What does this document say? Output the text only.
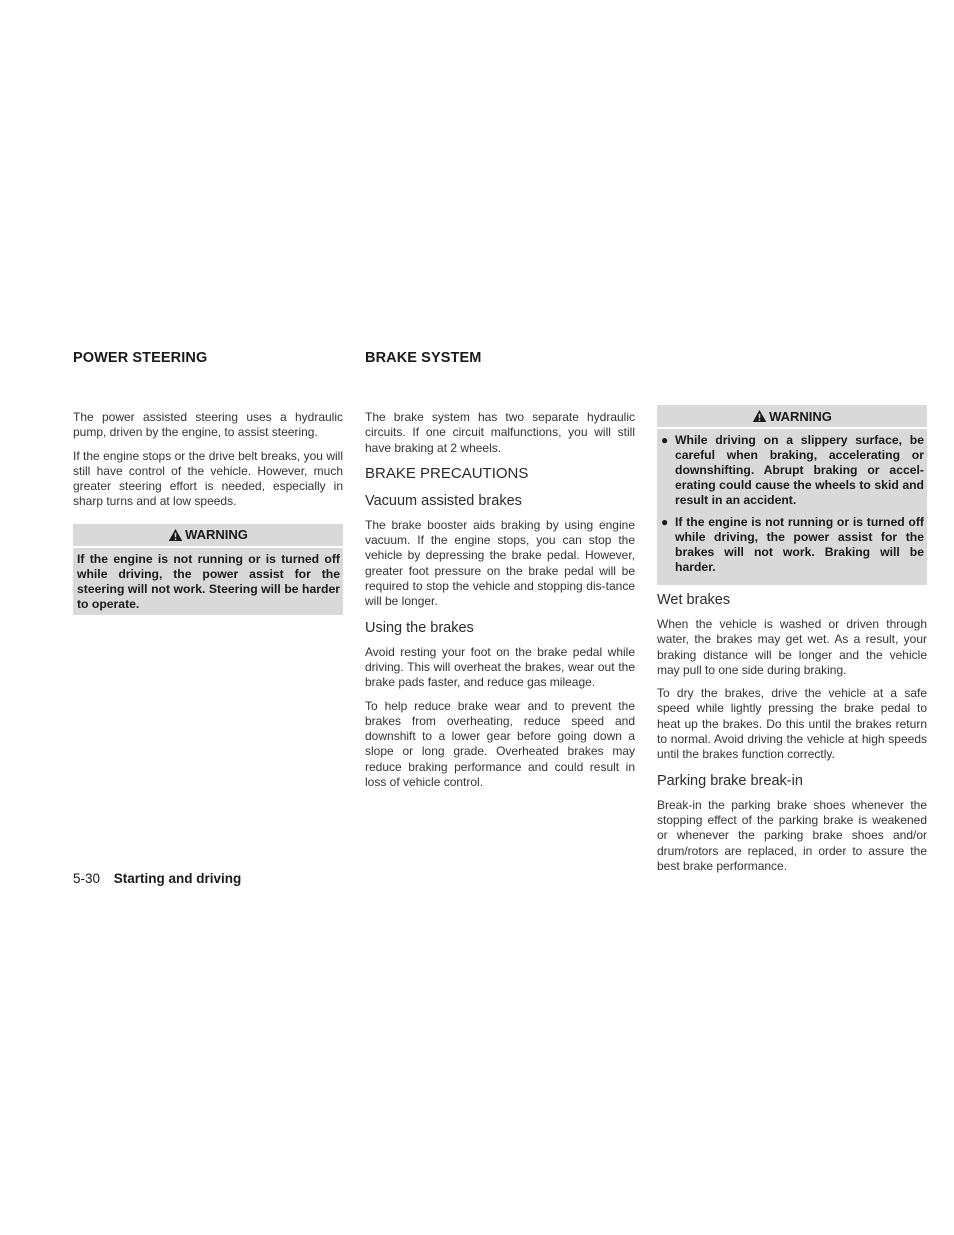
POWER STEERING

The power assisted steering uses a hydraulic pump, driven by the engine, to assist steering.

If the engine stops or the drive belt breaks, you will still have control of the vehicle. However, much greater steering effort is needed, especially in sharp turns and at low speeds.

WARNING
If the engine is not running or is turned off while driving, the power assist for the steering will not work. Steering will be harder to operate.
BRAKE SYSTEM

The brake system has two separate hydraulic circuits. If one circuit malfunctions, you will still have braking at 2 wheels.

BRAKE PRECAUTIONS
Vacuum assisted brakes

The brake booster aids braking by using engine vacuum. If the engine stops, you can stop the vehicle by depressing the brake pedal. However, greater foot pressure on the brake pedal will be required to stop the vehicle and stopping dis-tance will be longer.

Using the brakes

Avoid resting your foot on the brake pedal while driving. This will overheat the brakes, wear out the brake pads faster, and reduce gas mileage.

To help reduce brake wear and to prevent the brakes from overheating, reduce speed and downshift to a lower gear before going down a slope or long grade. Overheated brakes may reduce braking performance and could result in loss of vehicle control.

WARNING
● While driving on a slippery surface, be careful when braking, accelerating or downshifting. Abrupt braking or accel-erating could cause the wheels to skid and result in an accident.
● If the engine is not running or is turned off while driving, the power assist for the brakes will not work. Braking will be harder.
Wet brakes

When the vehicle is washed or driven through water, the brakes may get wet. As a result, your braking distance will be longer and the vehicle may pull to one side during braking.

To dry the brakes, drive the vehicle at a safe speed while lightly pressing the brake pedal to heat up the brakes. Do this until the brakes return to normal. Avoid driving the vehicle at high speeds until the brakes function correctly.

Parking brake break-in

Break-in the parking brake shoes whenever the stopping effect of the parking brake is weakened or whenever the parking brake shoes and/or drum/rotors are replaced, in order to assure the best brake performance.

5-30 Starting and driving
